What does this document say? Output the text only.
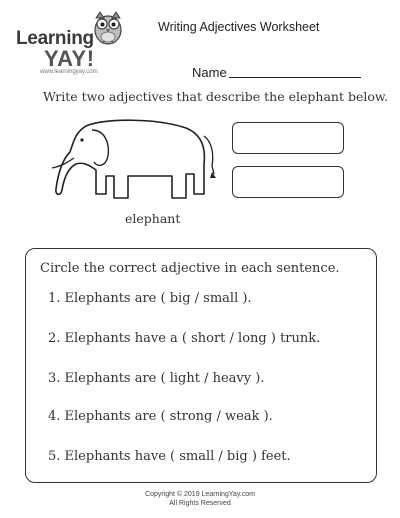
Learning
YAY!
www.learningyay.com
Writing Adjectives Worksheet
Name
Write two adjectives that describe the elephant below.
elephant
Circle the correct adjective in each sentence.
1. Elephants are ( big / small ).
2. Elephants have a ( short / long ) trunk.
3. Elephants are ( light / heavy ).
4. Elephants are ( strong / weak ).
5. Elephants have ( small / big ) feet.
Copyright © 2019 LearningYay.com
All Rights Reserved
